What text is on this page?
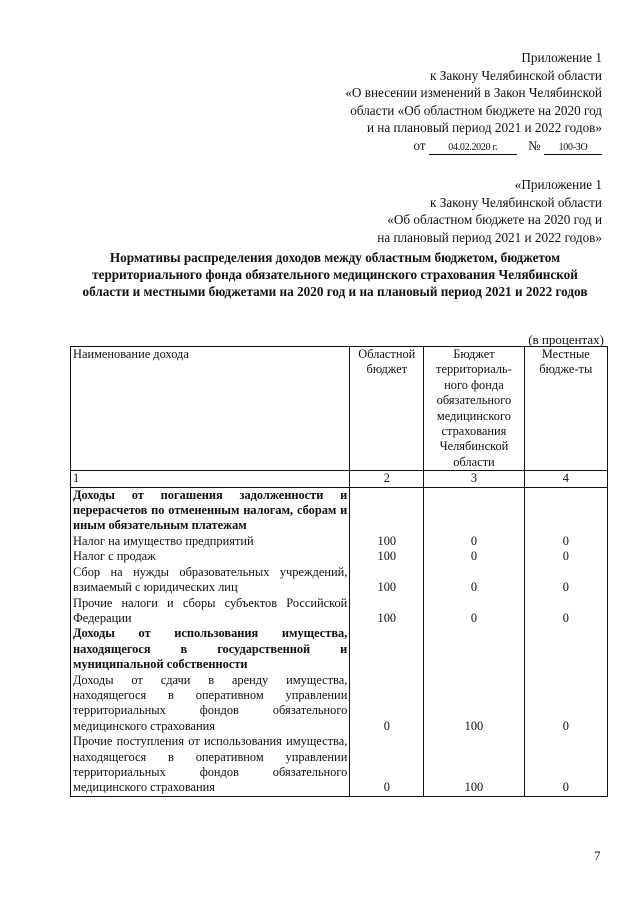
Приложение 1
к Закону Челябинской области
«О внесении изменений в Закон Челябинской
области «Об областном бюджете на 2020 год
и на плановый период 2021 и 2022 годов»
от 04.02.2020 г. № 100-ЗО
«Приложение 1
к Закону Челябинской области
«Об областном бюджете на 2020 год и
на плановый период 2021 и 2022 годов»
Нормативы распределения доходов между областным бюджетом, бюджетом территориального фонда обязательного медицинского страхования Челябинской области и местными бюджетами на 2020 год и на плановый период 2021 и 2022 годов
(в процентах)
Наименование дохода	Областной бюджет	Бюджет территориаль-ного фонда обязательного медицинского страхования Челябинской области	Местные бюдже-ты
1	2	3	4
Доходы от погашения задолженности и перерасчетов по отмененным налогам, сборам и иным обязательным платежам			
Налог на имущество предприятий	100	0	0
Налог с продаж	100	0	0
Сбор на нужды образовательных учреждений, взимаемый с юридических лиц	100	0	0
Прочие налоги и сборы субъектов Российской Федерации	100	0	0
Доходы от использования имущества, находящегося в государственной и муниципальной собственности			
Доходы от сдачи в аренду имущества, находящегося в оперативном управлении территориальных фондов обязательного медицинского страхования	0	100	0
Прочие поступления от использования имущества, находящегося в оперативном управлении территориальных фондов обязательного медицинского страхования	0	100	0
7
